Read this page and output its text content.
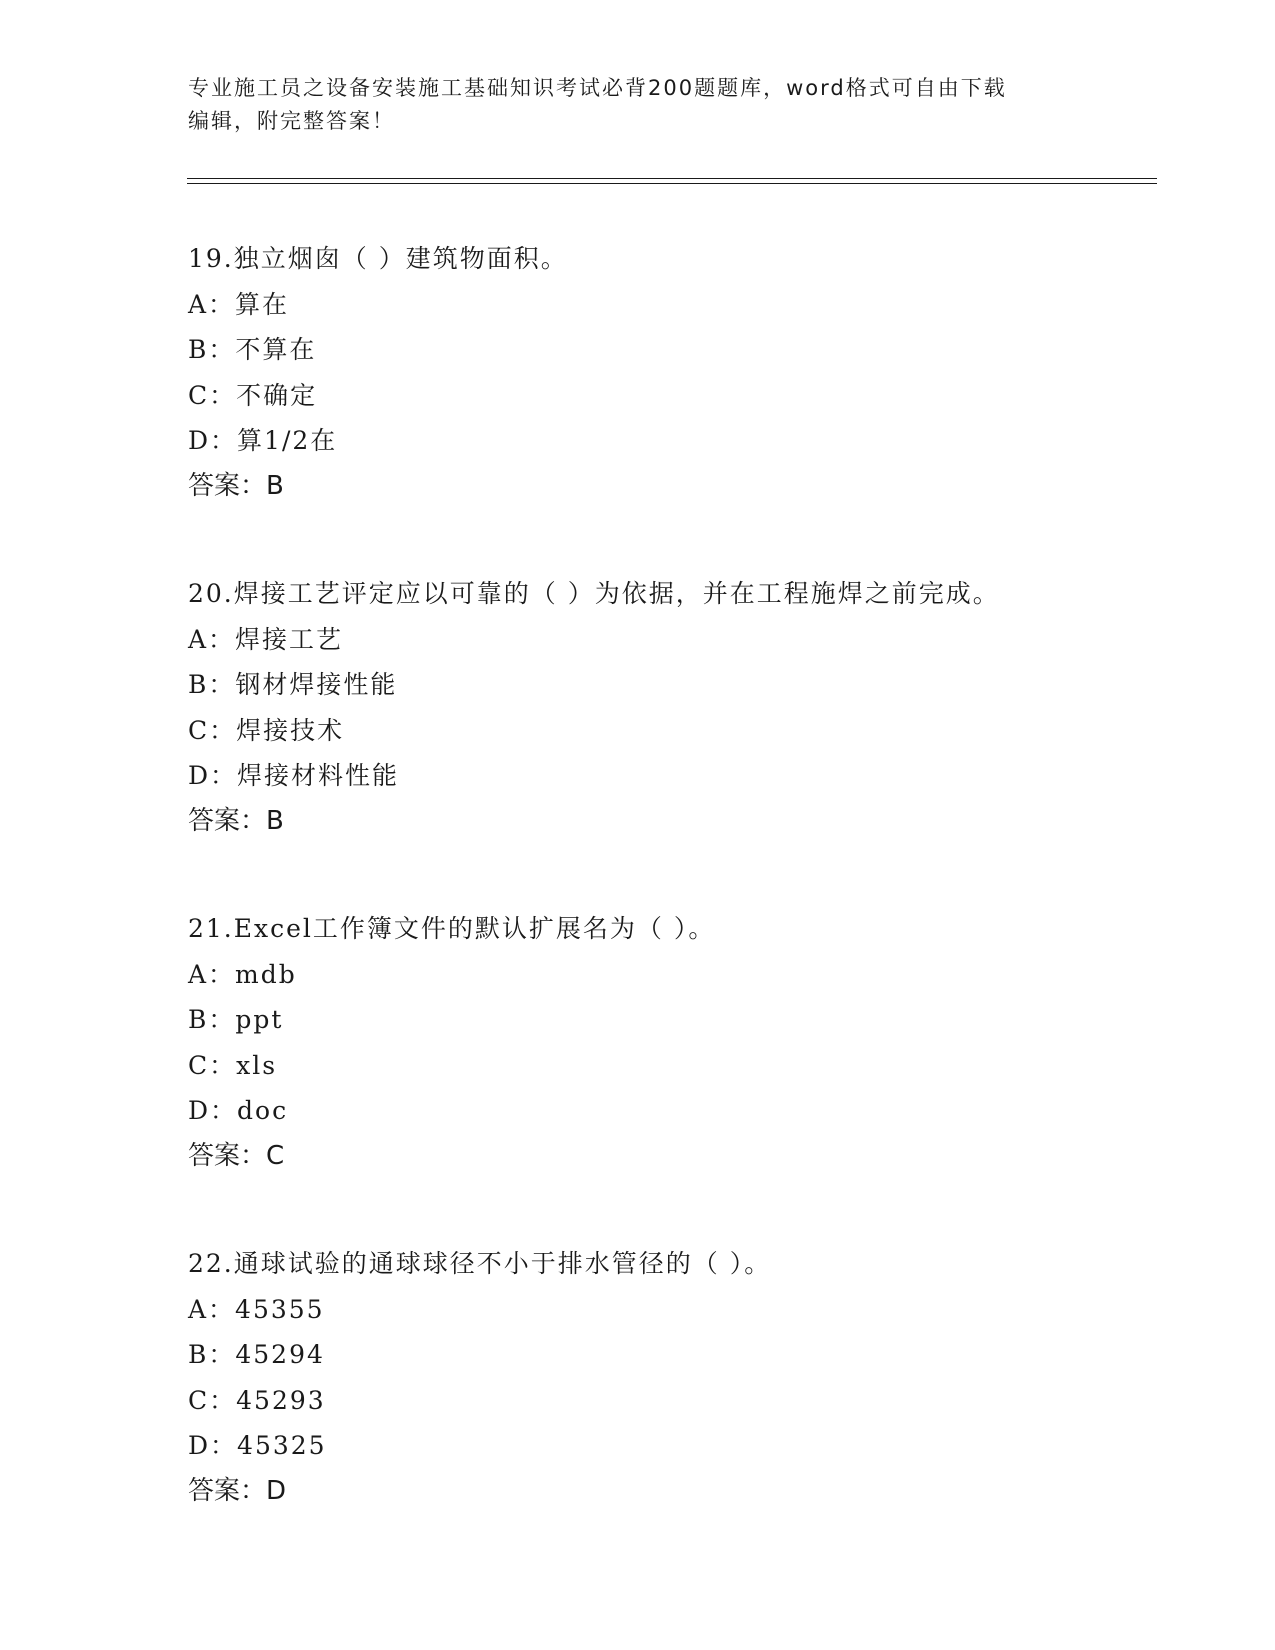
专业施工员之设备安装施工基础知识考试必背200题题库，word格式可自由下载
编辑，附完整答案！
19.独立烟囱（ ）建筑物面积。
A：算在
B：不算在
C：不确定
D：算1/2在
答案：B
20.焊接工艺评定应以可靠的（ ）为依据，并在工程施焊之前完成。
A：焊接工艺
B：钢材焊接性能
C：焊接技术
D：焊接材料性能
答案：B
21.Excel工作簿文件的默认扩展名为（ ）。
A：mdb
B：ppt
C：xls
D：doc
答案：C
22.通球试验的通球球径不小于排水管径的（ ）。
A：45355
B：45294
C：45293
D：45325
答案：D
